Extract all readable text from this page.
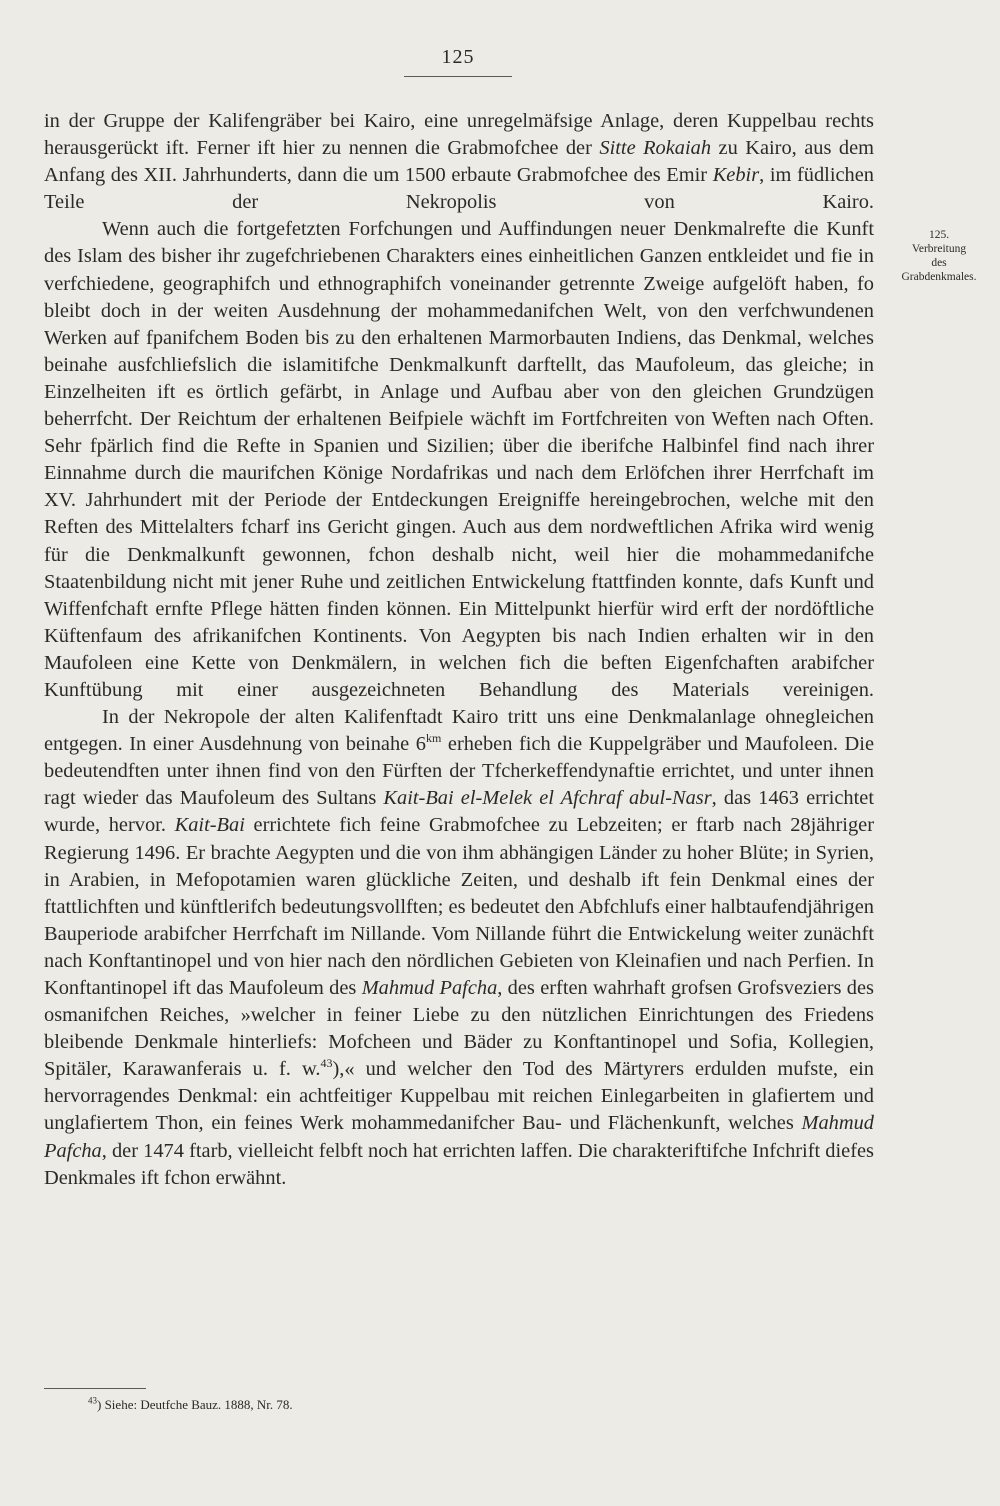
125

in der Gruppe der Kalifengräber bei Kairo, eine unregelmäfsige Anlage, deren Kuppelbau rechts herausgerückt ift. Ferner ift hier zu nennen die Grabmofchee der Sitte Rokaiah zu Kairo, aus dem Anfang des XII. Jahrhunderts, dann die um 1500 erbaute Grabmofchee des Emir Kebir, im füdlichen Teile der Nekropolis von Kairo.

Wenn auch die fortgefetzten Forfchungen und Auffindungen neuer Denkmalrefte die Kunft des Islam des bisher ihr zugefchriebenen Charakters eines einheitlichen Ganzen entkleidet und fie in verfchiedene, geographifch und ethnographifch voneinander getrennte Zweige aufgelöft haben, fo bleibt doch in der weiten Ausdehnung der mohammedanifchen Welt, von den verfchwundenen Werken auf fpanifchem Boden bis zu den erhaltenen Marmorbauten Indiens, das Denkmal, welches beinahe ausfchliefslich die islamitifche Denkmalkunft darftellt, das Maufoleum, das gleiche; in Einzelheiten ift es örtlich gefärbt, in Anlage und Aufbau aber von den gleichen Grundzügen beherrfcht. Der Reichtum der erhaltenen Beifpiele wächft im Fortfchreiten von Weften nach Often. Sehr fpärlich find die Refte in Spanien und Sizilien; über die iberifche Halbinfel find nach ihrer Einnahme durch die maurifchen Könige Nordafrikas und nach dem Erlöfchen ihrer Herrfchaft im XV. Jahrhundert mit der Periode der Entdeckungen Ereigniffe hereingebrochen, welche mit den Reften des Mittelalters fcharf ins Gericht gingen. Auch aus dem nordweftlichen Afrika wird wenig für die Denkmalkunft gewonnen, fchon deshalb nicht, weil hier die mohammedanifche Staatenbildung nicht mit jener Ruhe und zeitlichen Entwickelung ftattfinden konnte, dafs Kunft und Wiffenfchaft ernfte Pflege hätten finden können. Ein Mittelpunkt hierfür wird erft der nordöftliche Küftenfaum des afrikanifchen Kontinents. Von Aegypten bis nach Indien erhalten wir in den Maufoleen eine Kette von Denkmälern, in welchen fich die beften Eigenfchaften arabifcher Kunftübung mit einer ausgezeichneten Behandlung des Materials vereinigen.

In der Nekropole der alten Kalifenftadt Kairo tritt uns eine Denkmalanlage ohnegleichen entgegen. In einer Ausdehnung von beinahe $6^{km}$ erheben fich die Kuppelgräber und Maufoleen. Die bedeutendften unter ihnen find von den Fürften der Tfcherkeffendynaftie errichtet, und unter ihnen ragt wieder das Maufoleum des Sultans Kait-Bai el-Melek el Afchraf abul-Nasr, das 1463 errichtet wurde, hervor. Kait-Bai errichtete fich feine Grabmofchee zu Lebzeiten; er ftarb nach 28jähriger Regierung 1496. Er brachte Aegypten und die von ihm abhängigen Länder zu hoher Blüte; in Syrien, in Arabien, in Mefopotamien waren glückliche Zeiten, und deshalb ift fein Denkmal eines der ftattlichften und künftlerifch bedeutungsvollften; es bedeutet den Abfchlufs einer halbtaufendjährigen Bauperiode arabifcher Herrfchaft im Nillande. Vom Nillande führt die Entwickelung weiter zunächft nach Konftantinopel und von hier nach den nördlichen Gebieten von Kleinafien und nach Perfien. In Konftantinopel ift das Maufoleum des Mahmud Pafcha, des erften wahrhaft grofsen Grofsveziers des osmanifchen Reiches, »welcher in feiner Liebe zu den nützlichen Einrichtungen des Friedens bleibende Denkmale hinterliefs: Mofcheen und Bäder zu Konftantinopel und Sofia, Kollegien, Spitäler, Karawanferais u. f. w.$^{43}$),« und welcher den Tod des Märtyrers erdulden mufste, ein hervorragendes Denkmal: ein achtfeitiger Kuppelbau mit reichen Einlegarbeiten in glafiertem und unglafiertem Thon, ein feines Werk mohammedanifcher Bau- und Flächenkunft, welches Mahmud Pafcha, der 1474 ftarb, vielleicht felbft noch hat errichten laffen. Die charakteriftifche Infchrift diefes Denkmales ift fchon erwähnt.

125.
Verbreitung
des
Grabdenkmales.
$^{43}$) Siehe: Deutfche Bauz. 1888, Nr. 78.
